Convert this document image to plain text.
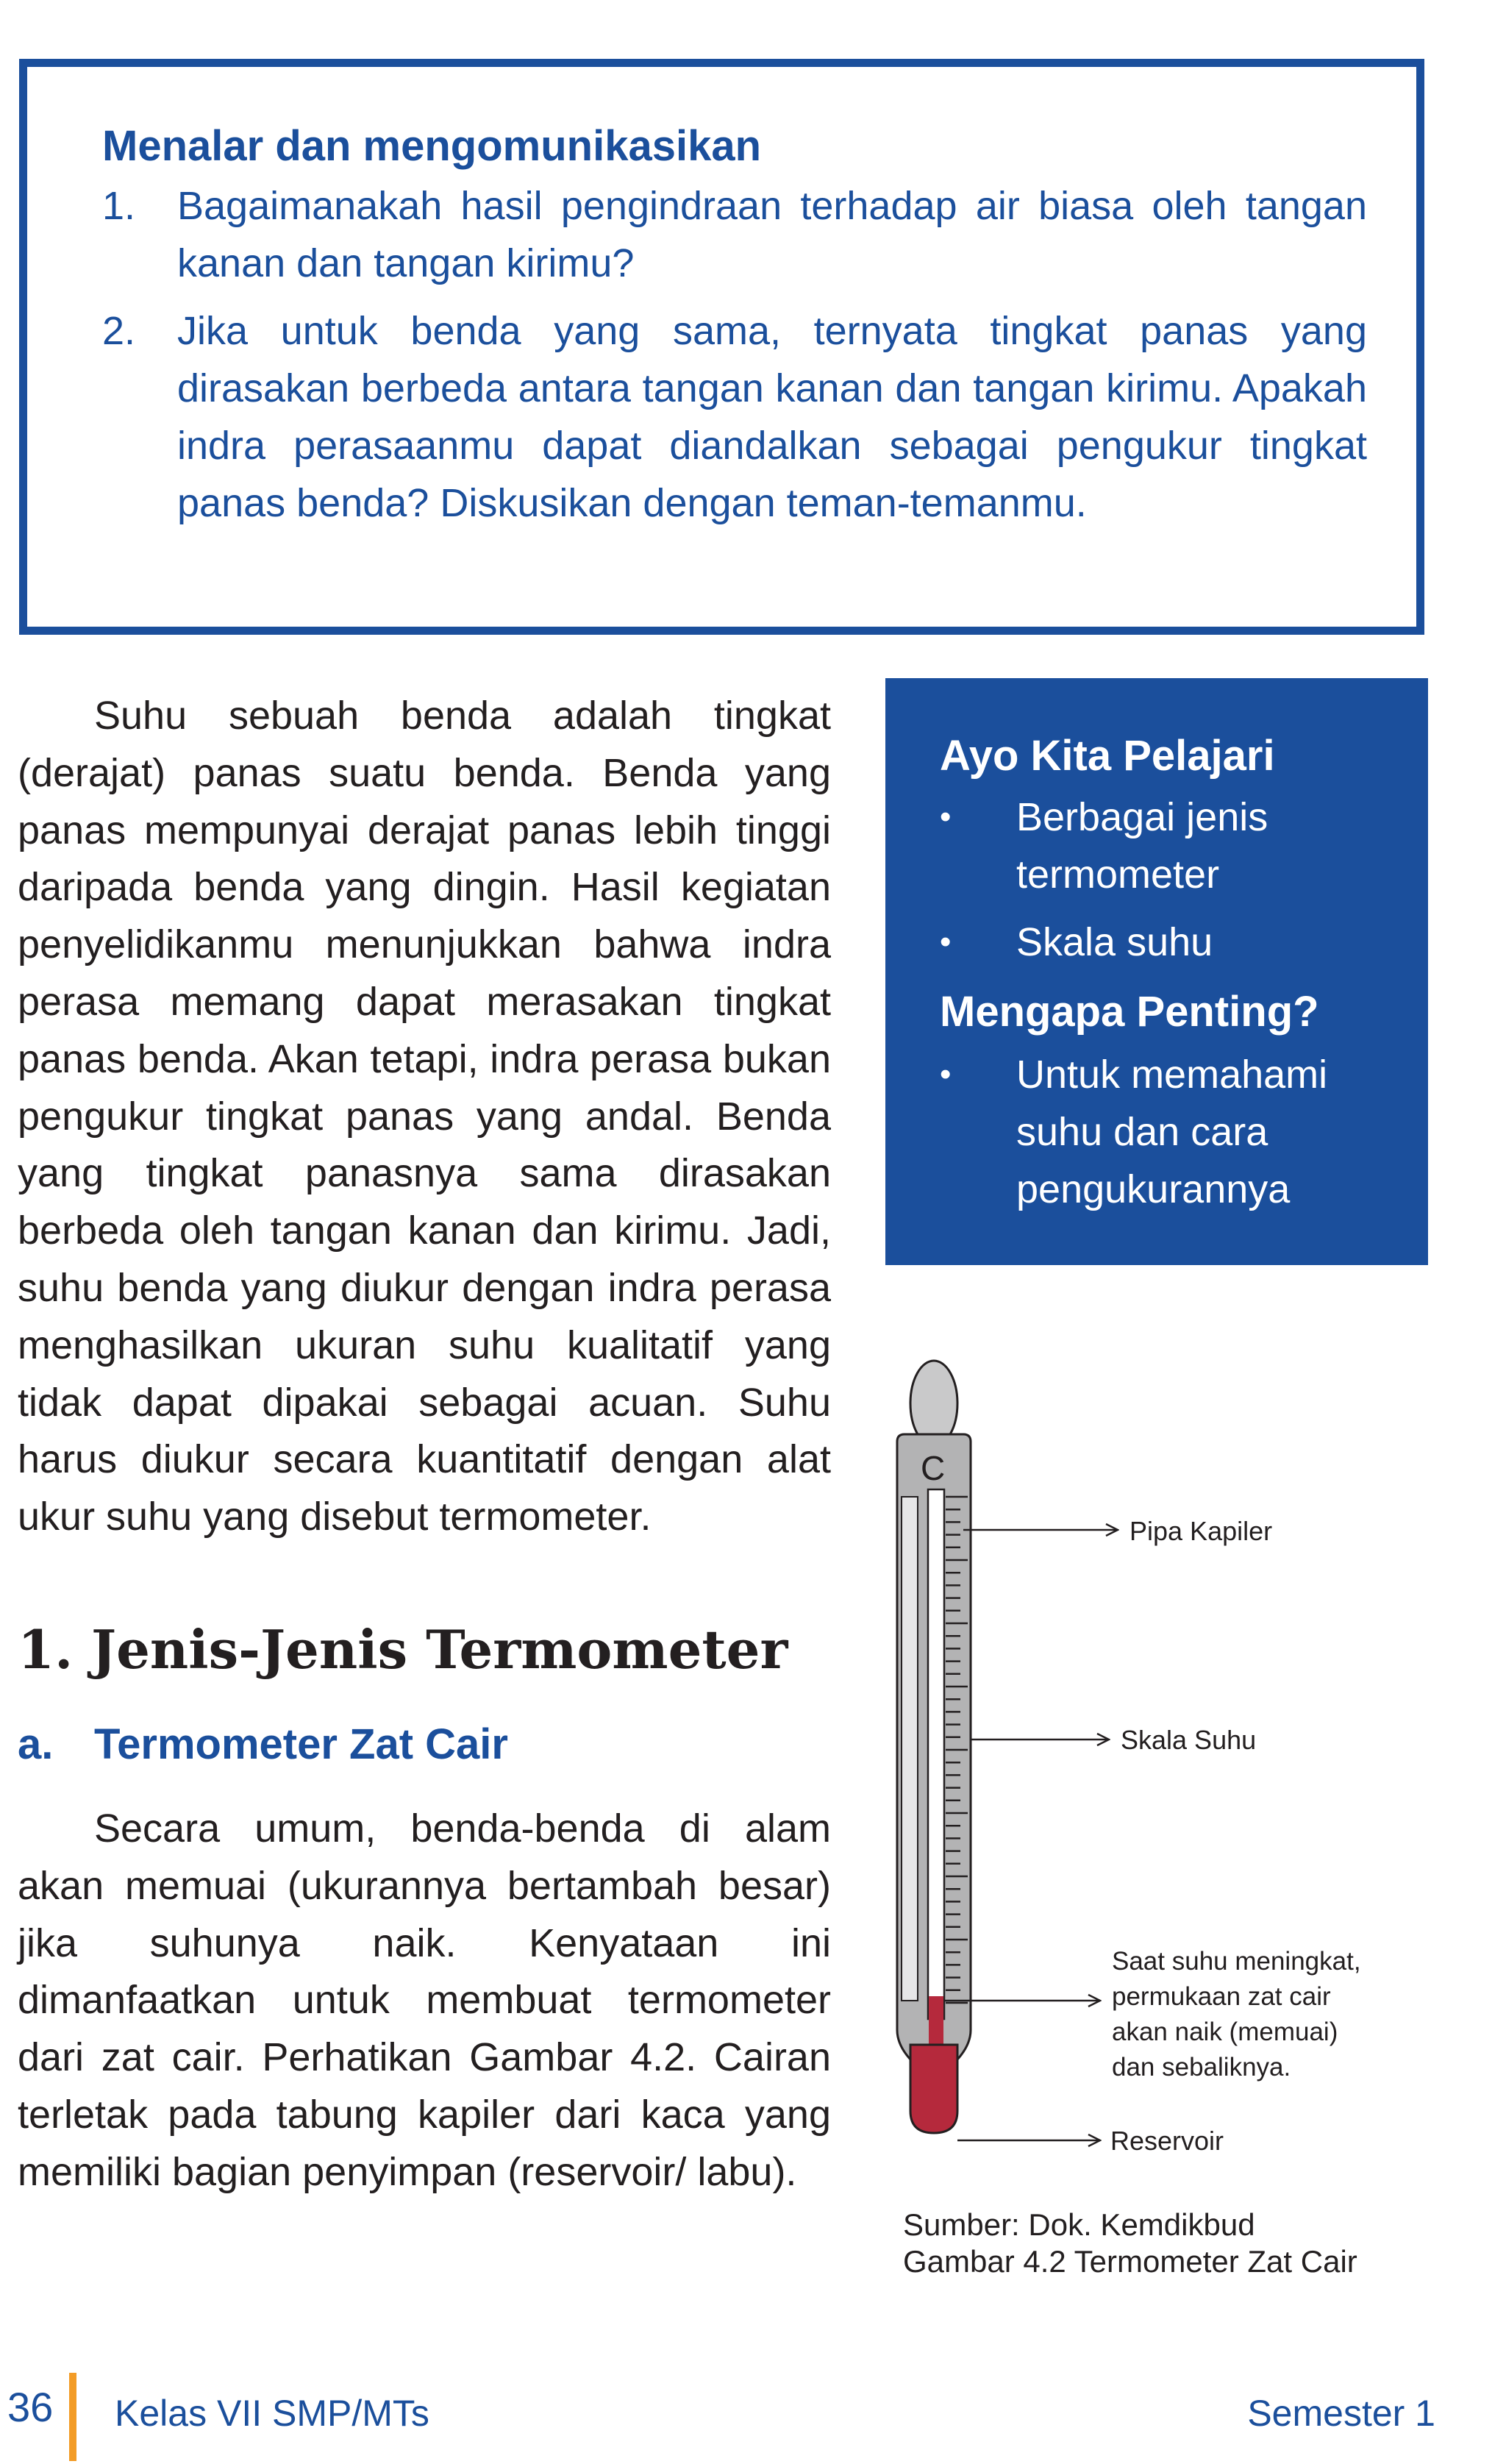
Menalar dan mengomunikasikan
1. Bagaimanakah hasil pengindraan terhadap air biasa oleh tangan kanan dan tangan kirimu?
2. Jika untuk benda yang sama, ternyata tingkat panas yang dirasakan berbeda antara tangan kanan dan tangan kirimu. Apakah indra perasaanmu dapat diandalkan sebagai pengukur tingkat panas benda? Diskusikan dengan teman-temanmu.

Suhu sebuah benda adalah tingkat (derajat) panas suatu benda. Benda yang panas mempunyai derajat panas lebih tinggi daripada benda yang dingin. Hasil kegiatan penyelidikanmu menunjukkan bahwa indra perasa memang dapat merasakan tingkat panas benda. Akan tetapi, indra perasa bukan pengukur tingkat panas yang andal. Benda yang tingkat panasnya sama dirasakan berbeda oleh tangan kanan dan kirimu. Jadi, suhu benda yang diukur dengan indra perasa menghasilkan ukuran suhu kualitatif yang tidak dapat dipakai sebagai acuan. Suhu harus diukur secara kuantitatif dengan alat ukur suhu yang disebut termometer.

1. Jenis-Jenis Termometer
a. Termometer Zat Cair

Secara umum, benda-benda di alam akan memuai (ukurannya bertambah besar) jika suhunya naik. Kenyataan ini dimanfaatkan untuk membuat termometer dari zat cair. Perhatikan Gambar 4.2. Cairan terletak pada tabung kapiler dari kaca yang memiliki bagian penyimpan (reservoir/ labu).

Ayo Kita Pelajari
• Berbagai jenis termometer
• Skala suhu
Mengapa Penting?
• Untuk memahami suhu dan cara pengukurannya
C
Pipa Kapiler
Skala Suhu
Saat suhu meningkat,
permukaan zat cair
akan naik (memuai)
dan sebaliknya.
Reservoir

Sumber: Dok. Kemdikbud
Gambar 4.2 Termometer Zat Cair

36 Kelas VII SMP/MTs	Semester 1
